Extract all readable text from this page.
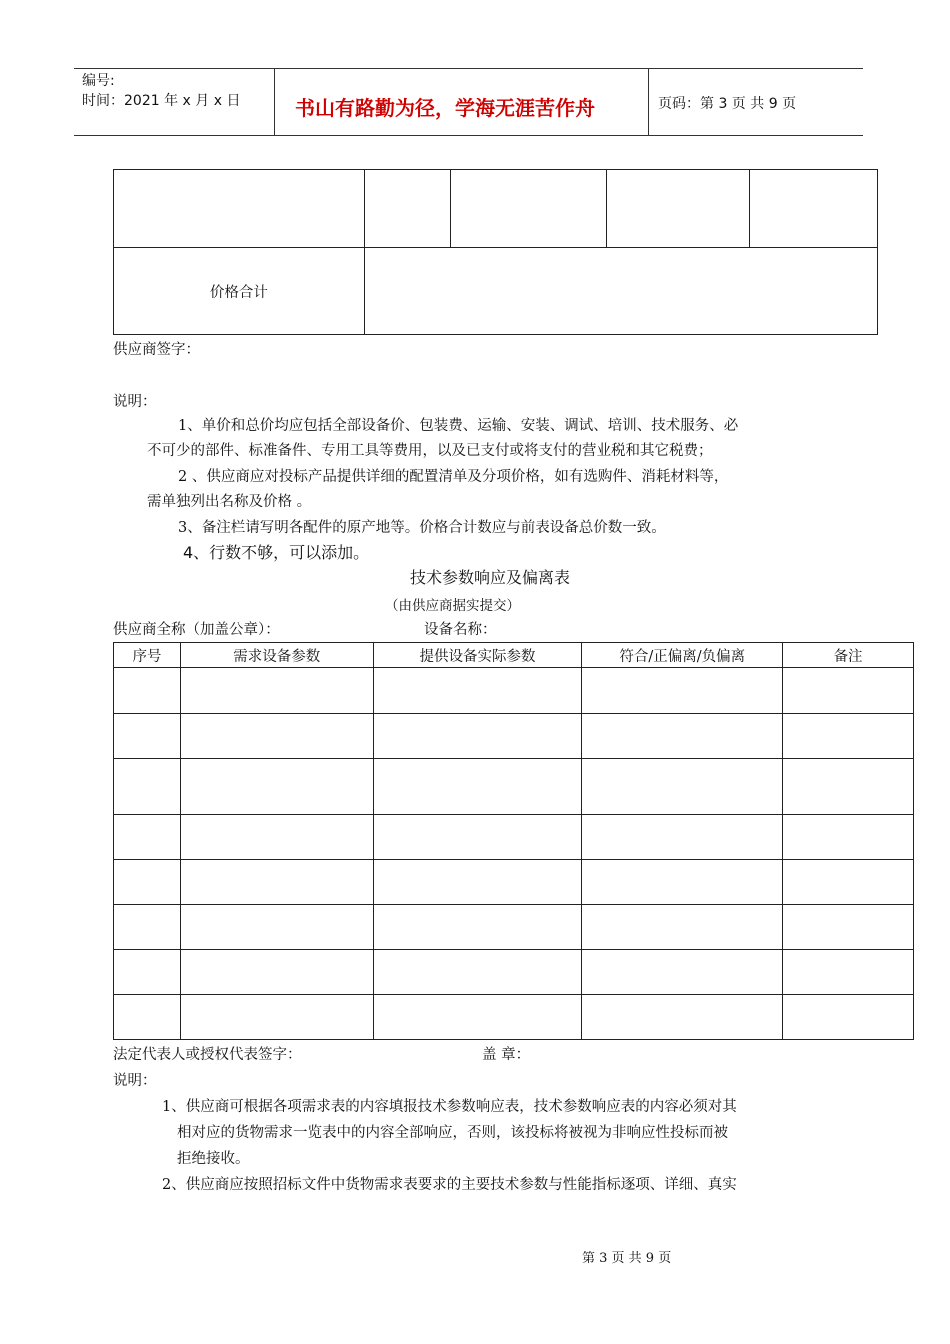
编号:
时间：2021 年 x 月 x 日	书山有路勤为径，学海无涯苦作舟	页码：第 3 页 共 9 页

价格合计				
供应商签字：
说明：
1、单价和总价均应包括全部设备价、包装费、运输、安装、调试、培训、技术服务、必
不可少的部件、标准备件、专用工具等费用，以及已支付或将支付的营业税和其它税费；
2 、供应商应对投标产品提供详细的配置清单及分项价格，如有选购件、消耗材料等，
需单独列出名称及价格 。
3、备注栏请写明各配件的原产地等。价格合计数应与前表设备总价数一致。
4、行数不够，可以添加。
技术参数响应及偏离表
（由供应商据实提交）
供应商全称（加盖公章）：	设备名称：
序号	需求设备参数	提供设备实际参数	符合/正偏离/负偏离	备注

法定代表人或授权代表签字：	盖 章：
说明：
1、供应商可根据各项需求表的内容填报技术参数响应表，技术参数响应表的内容必须对其
相对应的货物需求一览表中的内容全部响应，否则，该投标将被视为非响应性投标而被
拒绝接收。
2、供应商应按照招标文件中货物需求表要求的主要技术参数与性能指标逐项、详细、真实
第 3 页 共 9 页
